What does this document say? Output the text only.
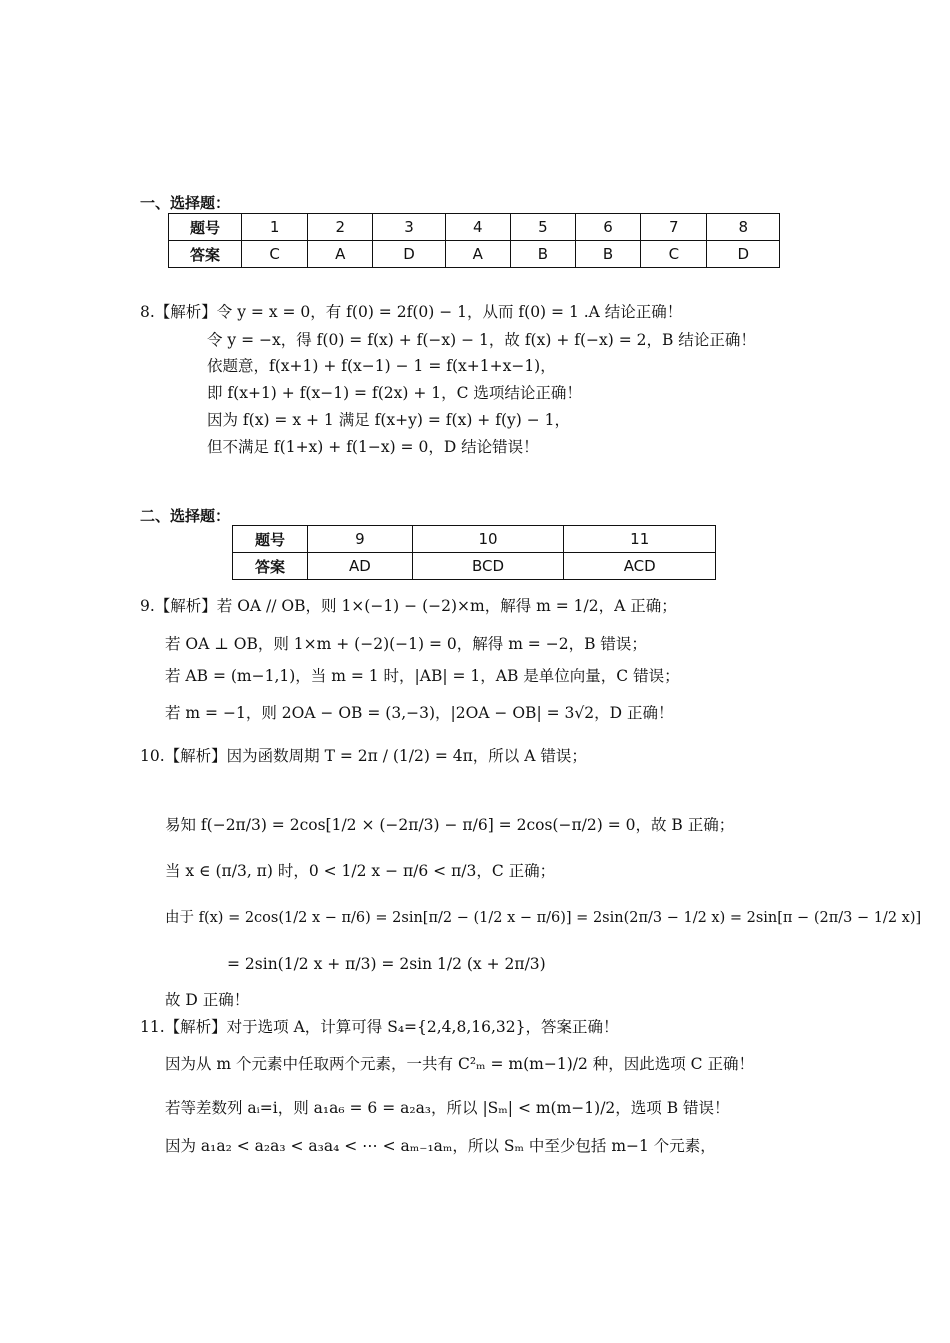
一、选择题：
题号	1	2	3	4	5	6	7	8
答案	C	A	D	A	B	B	C	D
8.【解析】令 y = x = 0，有 f(0) = 2f(0) − 1，从而 f(0) = 1 .A 结论正确！
令 y = −x，得 f(0) = f(x) + f(−x) − 1，故 f(x) + f(−x) = 2，B 结论正确！
依题意，f(x+1) + f(x−1) − 1 = f(x+1+x−1)，
即 f(x+1) + f(x−1) = f(2x) + 1，C 选项结论正确！
因为 f(x) = x + 1 满足 f(x+y) = f(x) + f(y) − 1，
但不满足 f(1+x) + f(1−x) = 0，D 结论错误！
二、选择题：
题号	9	10	11
答案	AD	BCD	ACD
9.【解析】若 OA // OB，则 1×(−1) − (−2)×m，解得 m = 1/2，A 正确；
若 OA ⊥ OB，则 1×m + (−2)(−1) = 0，解得 m = −2，B 错误；
若 AB = (m−1,1)，当 m = 1 时，|AB| = 1，AB 是单位向量，C 错误；
若 m = −1，则 2OA − OB = (3,−3)，|2OA − OB| = 3√2，D 正确！
10.【解析】因为函数周期 T = 2π / (1/2) = 4π，所以 A 错误；
易知 f(−2π/3) = 2cos[1/2 × (−2π/3) − π/6] = 2cos(−π/2) = 0，故 B 正确；
当 x ∈ (π/3, π) 时，0 < 1/2 x − π/6 < π/3，C 正确；
由于 f(x) = 2cos(1/2 x − π/6) = 2sin[π/2 − (1/2 x − π/6)] = 2sin(2π/3 − 1/2 x) = 2sin[π − (2π/3 − 1/2 x)]
= 2sin(1/2 x + π/3) = 2sin 1/2 (x + 2π/3)
故 D 正确！
11.【解析】对于选项 A，计算可得 S₄={2,4,8,16,32}，答案正确！
因为从 m 个元素中任取两个元素，一共有 C²ₘ = m(m−1)/2 种，因此选项 C 正确！
若等差数列 aᵢ=i，则 a₁a₆ = 6 = a₂a₃，所以 |Sₘ| < m(m−1)/2，选项 B 错误！
因为 a₁a₂ < a₂a₃ < a₃a₄ < ⋯ < aₘ₋₁aₘ，所以 Sₘ 中至少包括 m−1 个元素，
